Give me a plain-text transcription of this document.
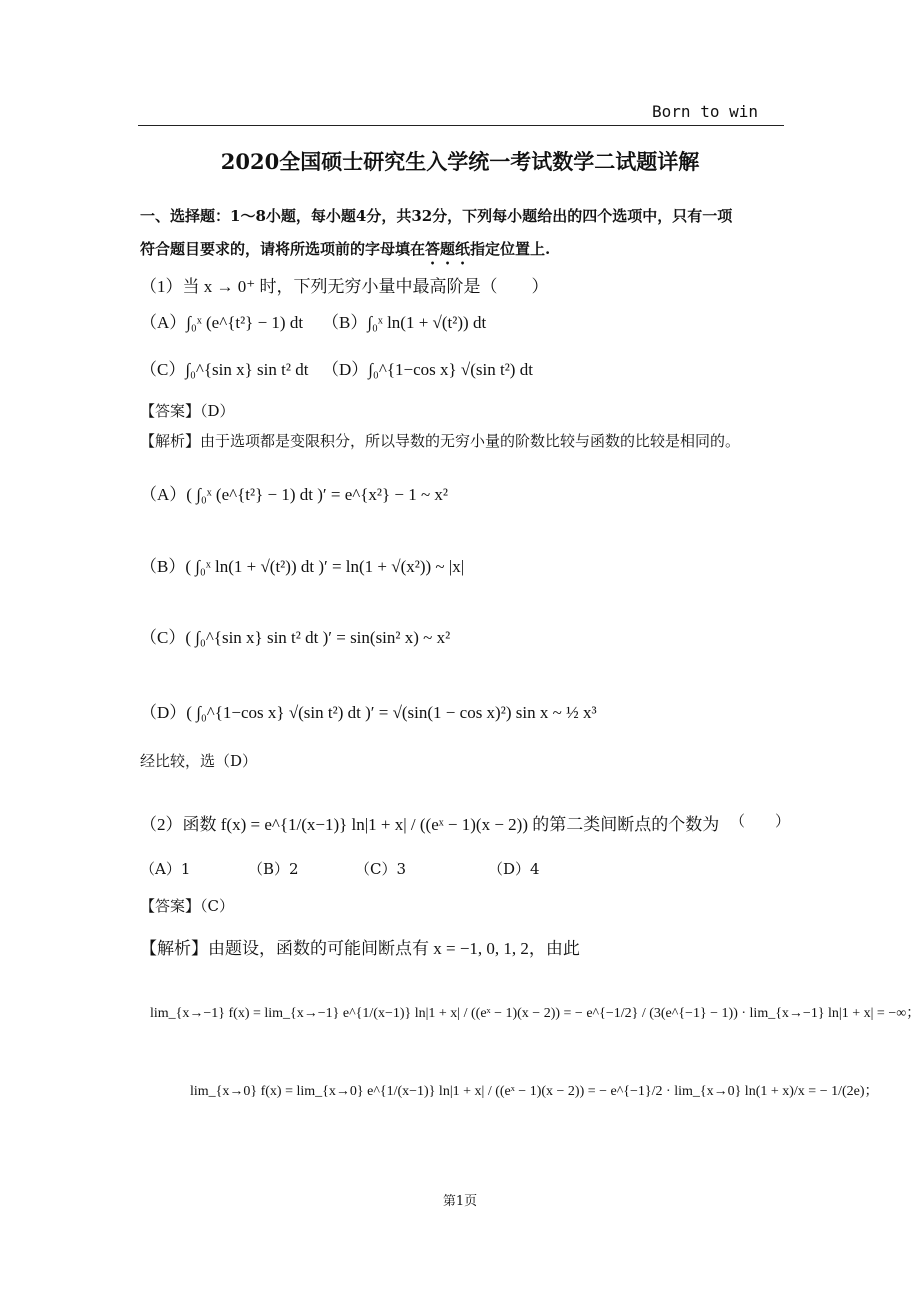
Born to win
2020全国硕士研究生入学统一考试数学二试题详解
一、选择题：1～8小题，每小题4分，共32分，下列每小题给出的四个选项中，只有一项
符合题目要求的，请将所选项前的字母填在答题纸指定位置上.
（1）当 x → 0⁺ 时，下列无穷小量中最高阶是（　　）
（A）∫₀ˣ (e^{t²} − 1) dt （B）∫₀ˣ ln(1 + √(t²)) dt
（C）∫₀^{sin x} sin t² dt （D）∫₀^{1−cos x} √(sin t²) dt
【答案】（D）
【解析】由于选项都是变限积分，所以导数的无穷小量的阶数比较与函数的比较是相同的。
（A）( ∫₀ˣ (e^{t²} − 1) dt )′ = e^{x²} − 1 ~ x²
（B）( ∫₀ˣ ln(1 + √(t²)) dt )′ = ln(1 + √(x²)) ~ |x|
（C）( ∫₀^{sin x} sin t² dt )′ = sin(sin² x) ~ x²
（D）( ∫₀^{1−cos x} √(sin t²) dt )′ = √(sin(1 − cos x)²) sin x ~ ½ x³
经比较，选（D）
（2）函数 f(x) = e^{1/(x−1)} ln|1 + x| / ((eˣ − 1)(x − 2)) 的第二类间断点的个数为 （　　）
（A）1	（B）2	（C）3	（D）4
【答案】（C）
【解析】由题设，函数的可能间断点有 x = −1, 0, 1, 2，由此
lim_{x→−1} f(x) = lim_{x→−1} e^{1/(x−1)} ln|1 + x| / ((eˣ − 1)(x − 2)) = − e^{−1/2} / (3(e^{−1} − 1)) · lim_{x→−1} ln|1 + x| = −∞；
lim_{x→0} f(x) = lim_{x→0} e^{1/(x−1)} ln|1 + x| / ((eˣ − 1)(x − 2)) = − e^{−1}/2 · lim_{x→0} ln(1 + x)/x = − 1/(2e)；
第1页
